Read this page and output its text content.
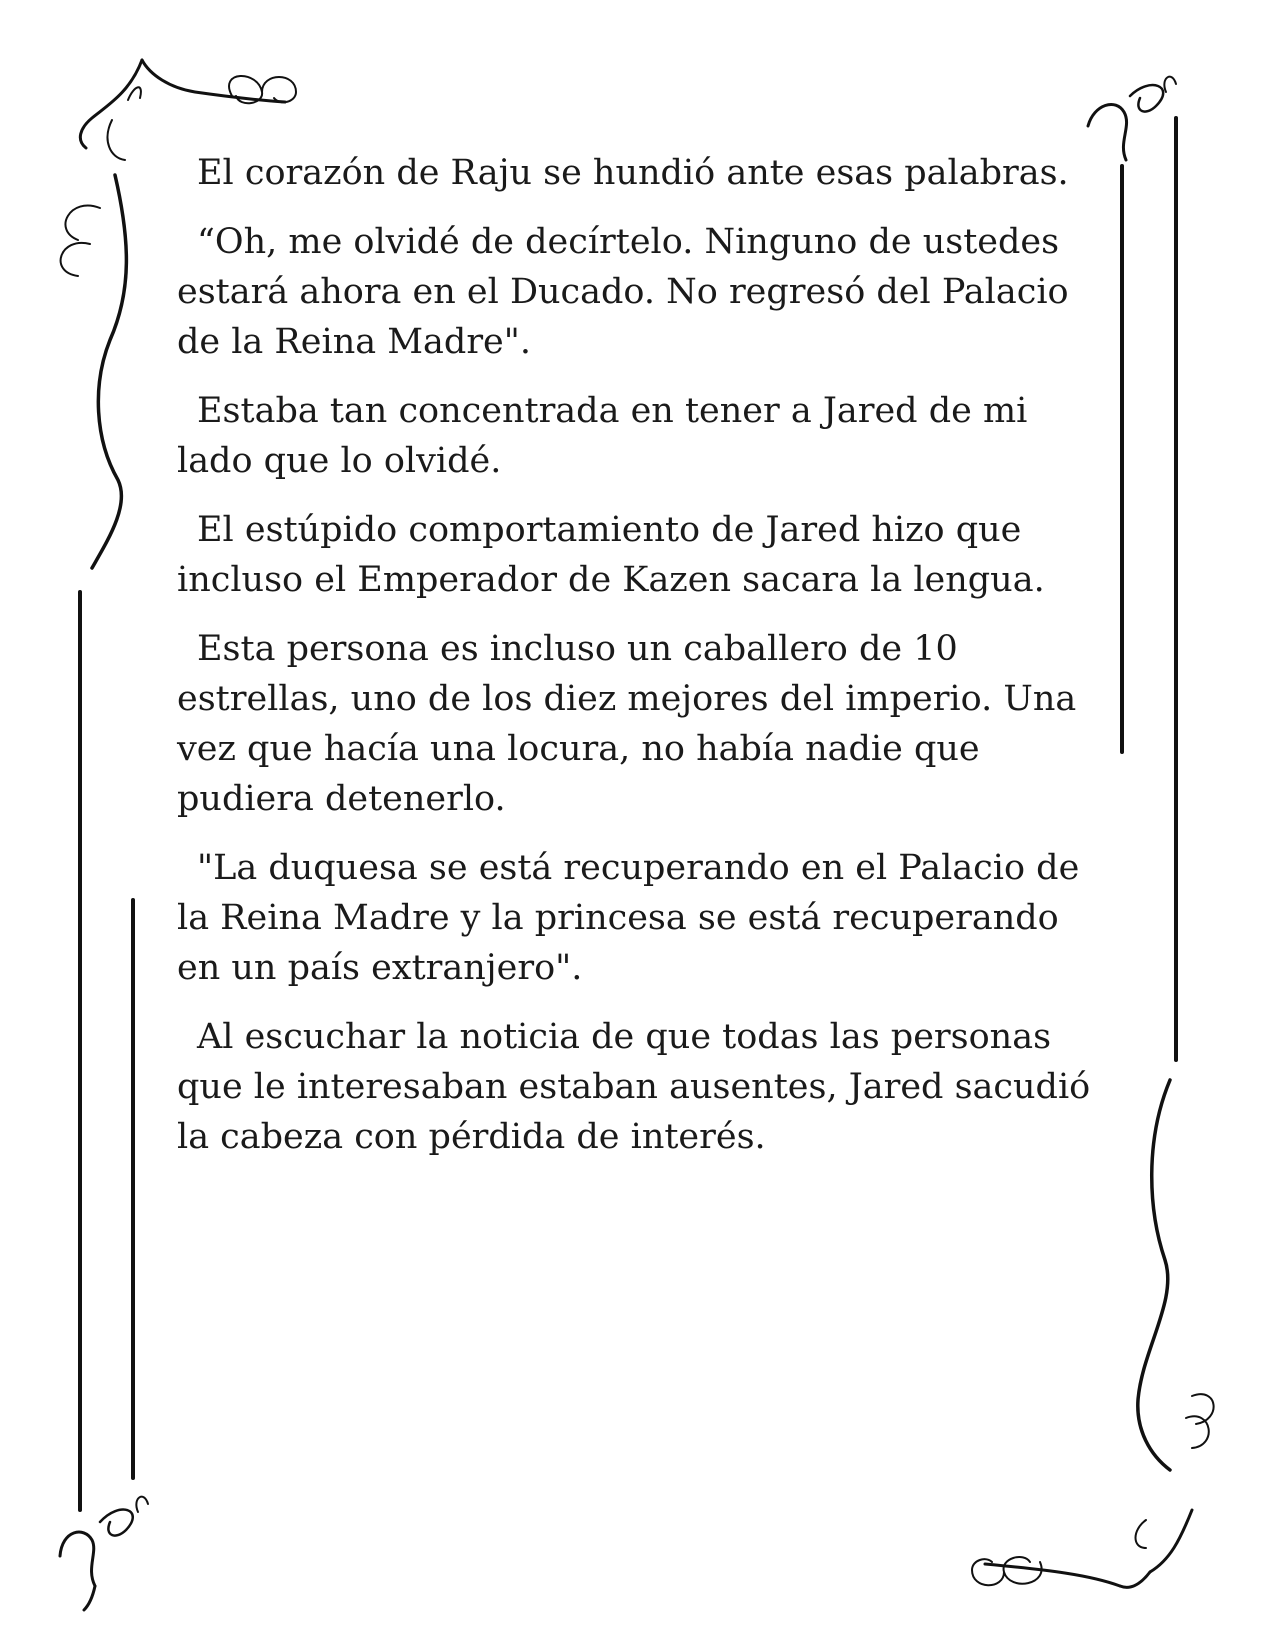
El corazón de Raju se hundió ante esas palabras.

“Oh, me olvidé de decírtelo. Ninguno de ustedes estará ahora en el Ducado. No regresó del Palacio de la Reina Madre".

Estaba tan concentrada en tener a Jared de mi lado que lo olvidé.

El estúpido comportamiento de Jared hizo que incluso el Emperador de Kazen sacara la lengua.

Esta persona es incluso un caballero de 10 estrellas, uno de los diez mejores del imperio. Una vez que hacía una locura, no había nadie que pudiera detenerlo.

"La duquesa se está recuperando en el Palacio de la Reina Madre y la princesa se está recuperando en un país extranjero".

Al escuchar la noticia de que todas las personas que le interesaban estaban ausentes, Jared sacudió la cabeza con pérdida de interés.
